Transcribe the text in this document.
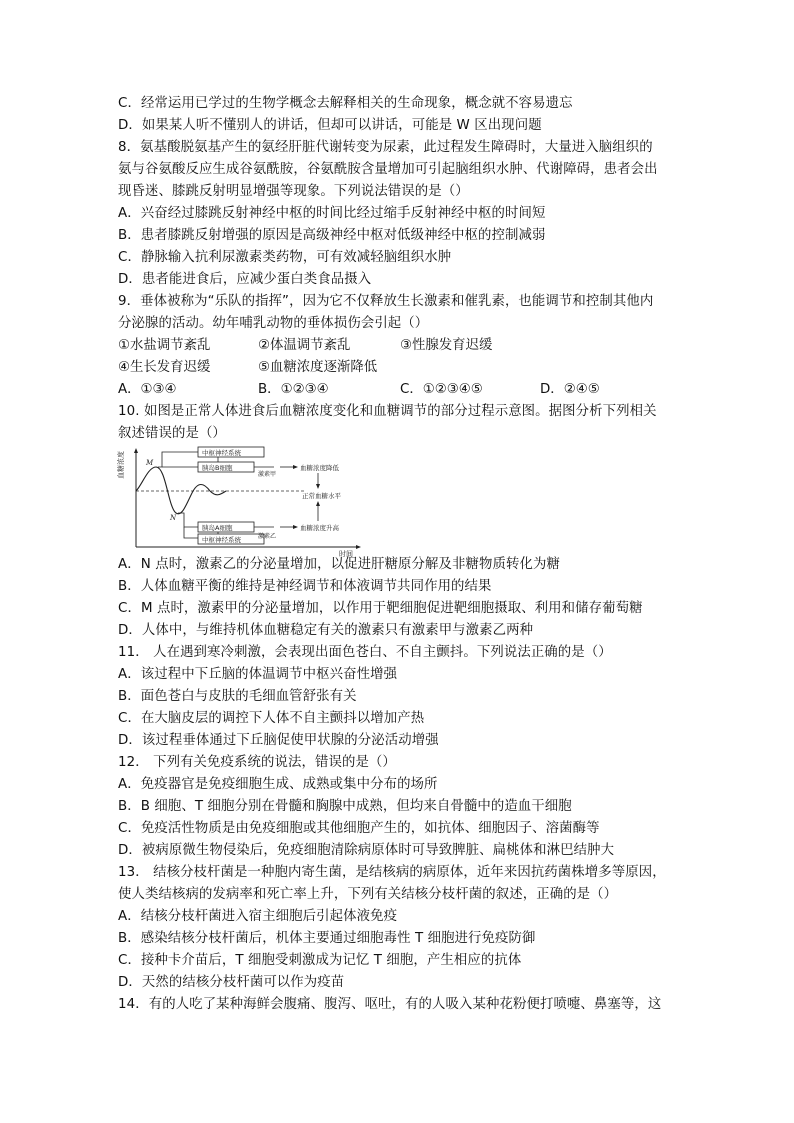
C．经常运用已学过的生物学概念去解释相关的生命现象，概念就不容易遗忘
D．如果某人听不懂别人的讲话，但却可以讲话，可能是 W 区出现问题
8．氨基酸脱氨基产生的氨经肝脏代谢转变为尿素，此过程发生障碍时，大量进入脑组织的
氨与谷氨酸反应生成谷氨酰胺，谷氨酰胺含量增加可引起脑组织水肿、代谢障碍，患者会出
现昏迷、膝跳反射明显增强等现象。下列说法错误的是（）
A．兴奋经过膝跳反射神经中枢的时间比经过缩手反射神经中枢的时间短
B．患者膝跳反射增强的原因是高级神经中枢对低级神经中枢的控制减弱
C．静脉输入抗利尿激素类药物，可有效减轻脑组织水肿
D．患者能进食后，应减少蛋白类食品摄入
9．垂体被称为“乐队的指挥”，因为它不仅释放生长激素和催乳素，也能调节和控制其他内
分泌腺的活动。幼年哺乳动物的垂体损伤会引起（）
①水盐调节紊乱	②体温调节紊乱	③性腺发育迟缓
④生长发育迟缓	⑤血糖浓度逐渐降低
A．①③④	B．①②③④	C．①②③④⑤	D．②④⑤
10. 如图是正常人体进食后血糖浓度变化和血糖调节的部分过程示意图。据图分析下列相关
叙述错误的是（）
血糖浓度
时间
M
N
中枢神经系统
胰岛B细胞
胰岛A细胞
中枢神经系统
激素甲
血糖浓度降低
激素乙
血糖浓度升高
正常血糖水平
A．N 点时，激素乙的分泌量增加，以促进肝糖原分解及非糖物质转化为糖
B．人体血糖平衡的维持是神经调节和体液调节共同作用的结果
C．M 点时，激素甲的分泌量增加，以作用于靶细胞促进靶细胞摄取、利用和储存葡萄糖
D．人体中，与维持机体血糖稳定有关的激素只有激素甲与激素乙两种
11． 人在遇到寒冷刺激，会表现出面色苍白、不自主颤抖。下列说法正确的是（）
A．该过程中下丘脑的体温调节中枢兴奋性增强
B．面色苍白与皮肤的毛细血管舒张有关
C．在大脑皮层的调控下人体不自主颤抖以增加产热
D．该过程垂体通过下丘脑促使甲状腺的分泌活动增强
12． 下列有关免疫系统的说法，错误的是（）
A．免疫器官是免疫细胞生成、成熟或集中分布的场所
B．B 细胞、T 细胞分别在骨髓和胸腺中成熟，但均来自骨髓中的造血干细胞
C．免疫活性物质是由免疫细胞或其他细胞产生的，如抗体、细胞因子、溶菌酶等
D．被病原微生物侵染后，免疫细胞清除病原体时可导致脾脏、扁桃体和淋巴结肿大
13． 结核分枝杆菌是一种胞内寄生菌，是结核病的病原体，近年来因抗药菌株增多等原因，
使人类结核病的发病率和死亡率上升，下列有关结核分枝杆菌的叙述，正确的是（）
A．结核分枝杆菌进入宿主细胞后引起体液免疫
B．感染结核分枝杆菌后，机体主要通过细胞毒性 T 细胞进行免疫防御
C．接种卡介苗后，T 细胞受刺激成为记忆 T 细胞，产生相应的抗体
D．天然的结核分枝杆菌可以作为疫苗
14．有的人吃了某种海鲜会腹痛、腹泻、呕吐，有的人吸入某种花粉便打喷嚏、鼻塞等，这
